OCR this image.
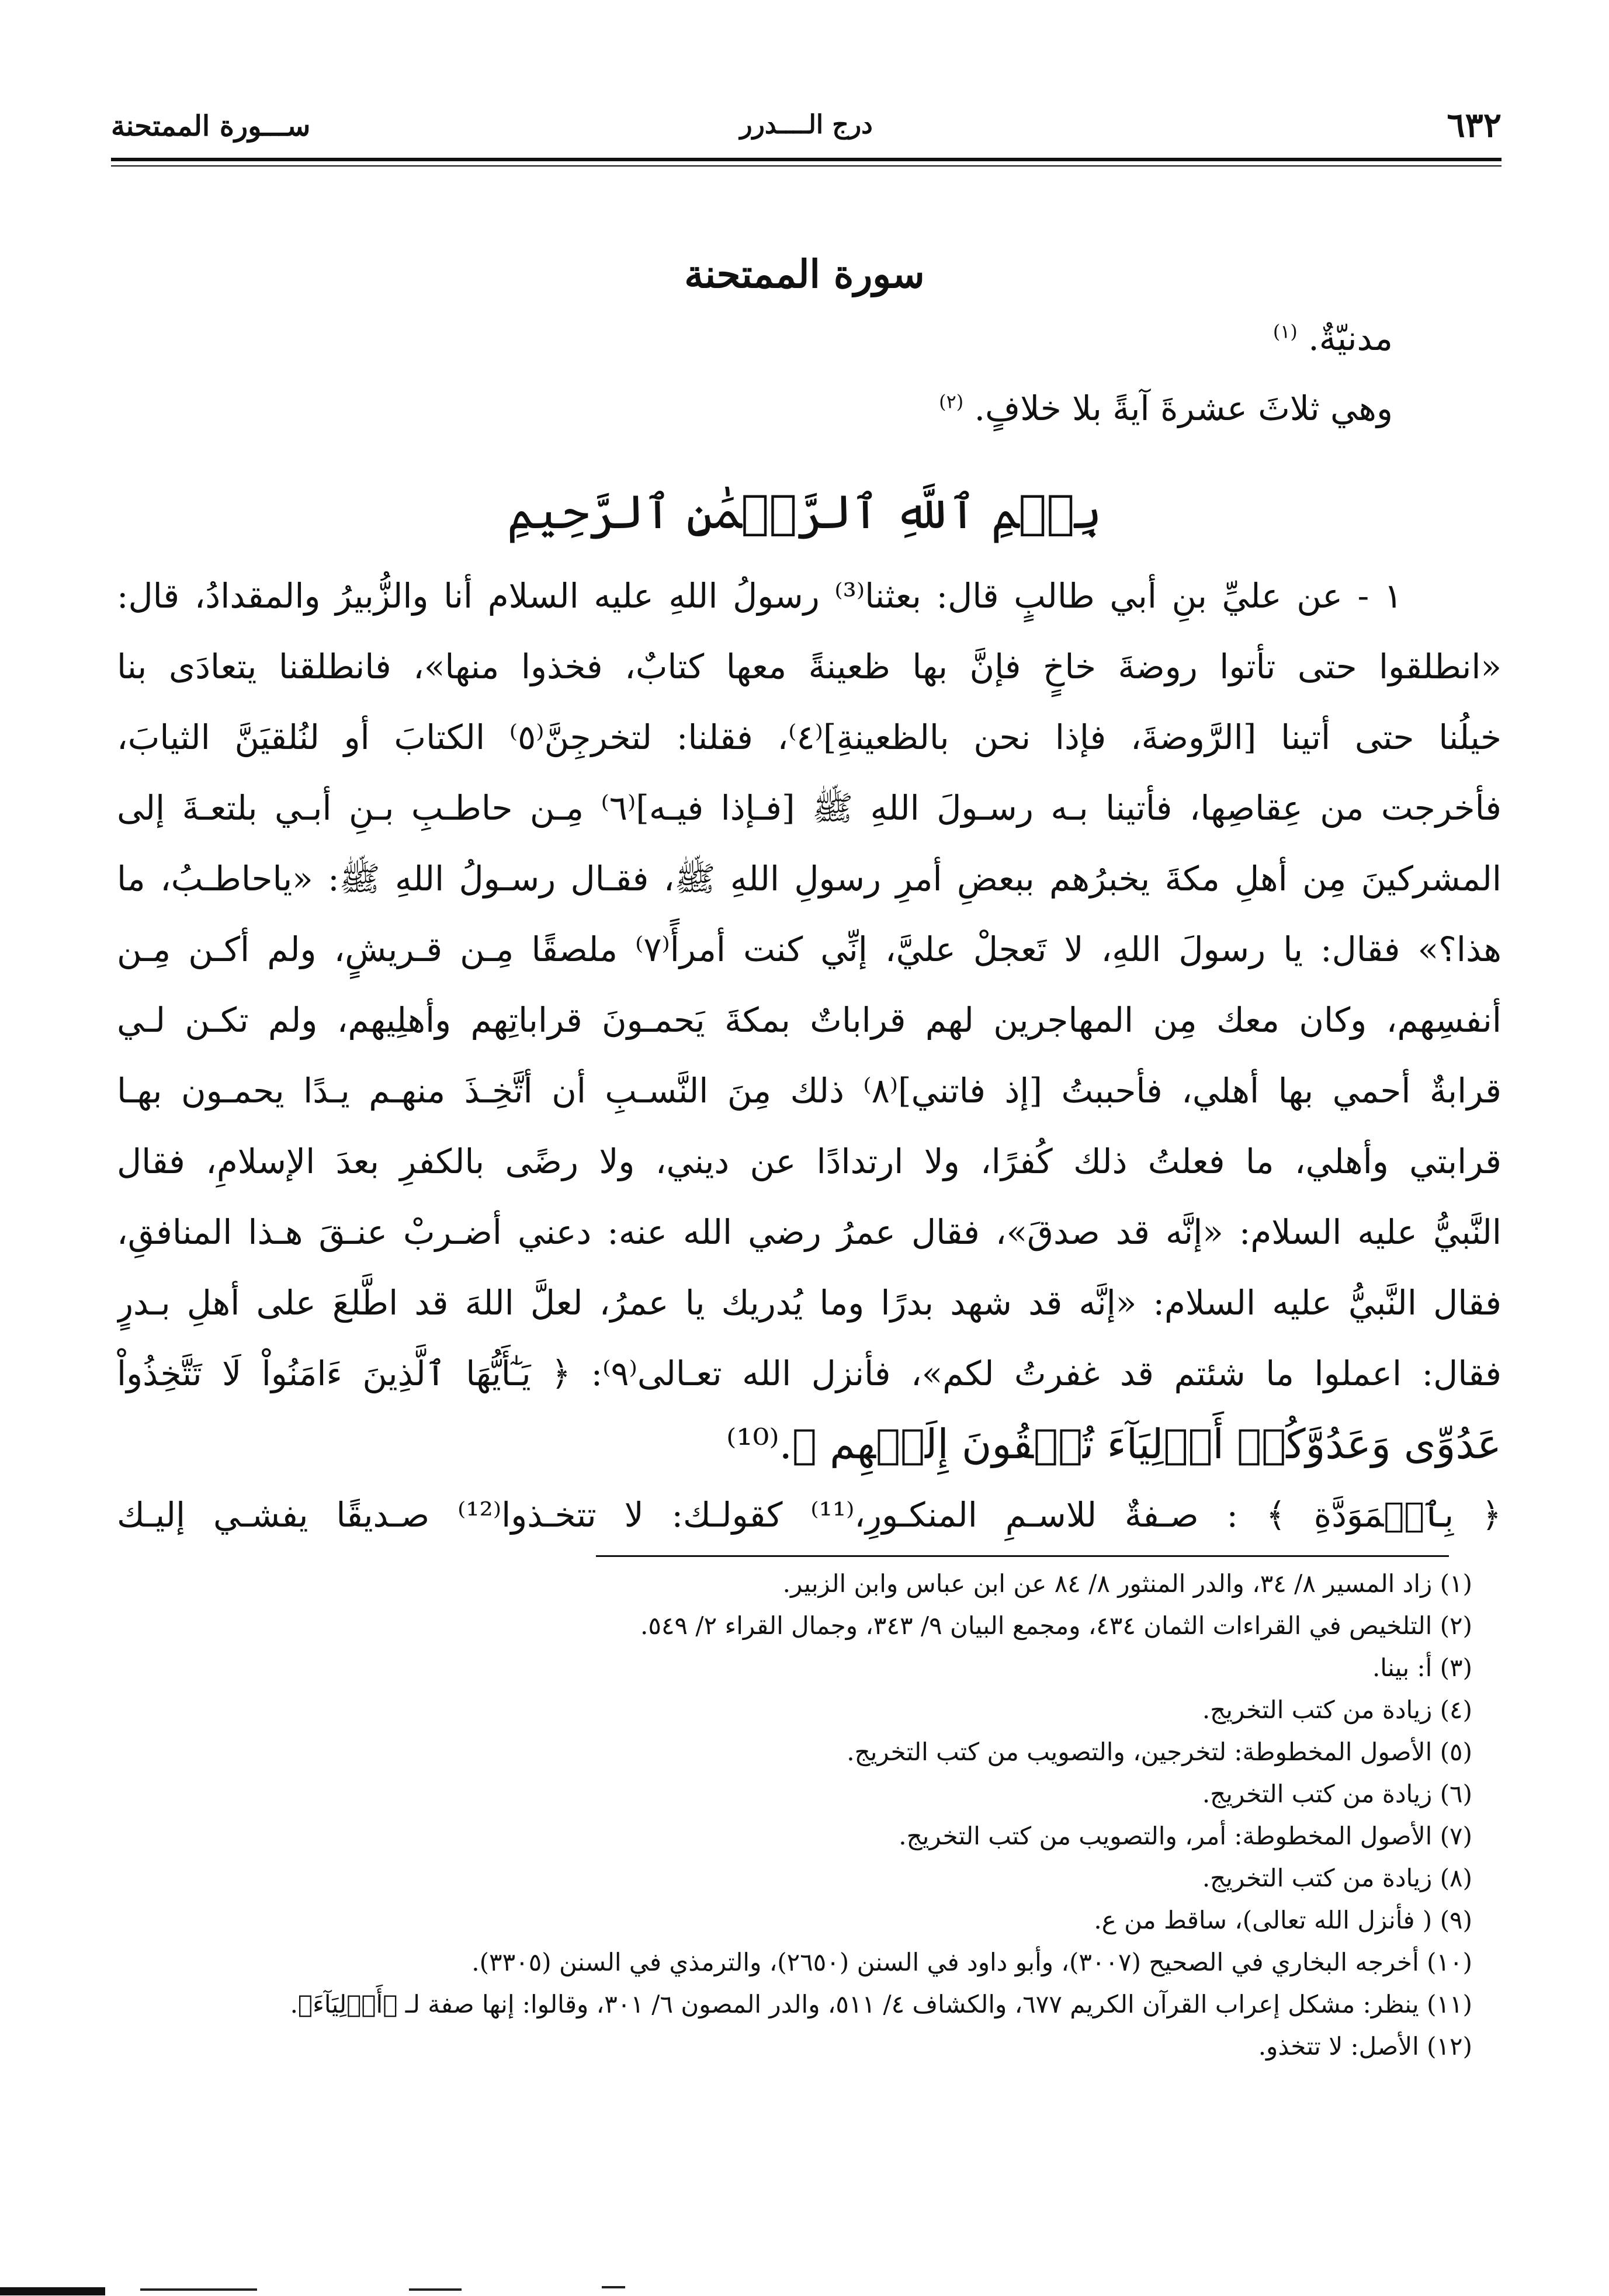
ســـورة الممتحنة	درج الــــدرر	٦٣٢
سورة الممتحنة
مدنيّةٌ. $^{(١)}$
وهي ثلاثَ عشرةَ آيةً بلا خلافٍ. $^{(٢)}$
بِسۡمِ ٱللَّهِ ٱلرَّحۡمَٰنِ ٱلرَّحِيمِ
١ - عن عليِّ بنِ أبي طالبٍ قال: بعثنا⁽³⁾ رسولُ اللهِ عليه السلام أنا والزُّبيرُ والمقدادُ، قال:
«انطلقوا حتى تأتوا روضةَ خاخٍ فإنَّ بها ظعينةً معها كتابٌ، فخذوا منها»، فانطلقنا يتعادَى بنا
خيلُنا حتى أتينا [الرَّوضةَ، فإذا نحن بالظعينةِ]⁽٤⁾، فقلنا: لتخرجِنَّ⁽٥⁾ الكتابَ أو لنُلقيَنَّ الثيابَ،
فأخرجت من عِقاصِها، فأتينا بـه رسـولَ اللهِ ﷺ [فـإذا فيـه]⁽٦⁾ مِـن حاطـبِ بـنِ أبـي بلتعـةَ إلى
المشركينَ مِن أهلِ مكةَ يخبرُهم ببعضِ أمرِ رسولِ اللهِ ﷺ، فقـال رسـولُ اللهِ ﷺ: «ياحاطـبُ، ما
هذا؟» فقال: يا رسولَ اللهِ، لا تَعجلْ عليَّ، إنِّي كنت أمرأً⁽٧⁾ ملصقًا مِـن قـريشٍ، ولم أكـن مِـن
أنفسِهم، وكان معك مِن المهاجرين لهم قراباتٌ بمكةَ يَحمـونَ قراباتِهم وأهلِيهم، ولم تكـن لـي
قرابةٌ أحمي بها أهلي، فأحببتُ [إذ فاتني]⁽٨⁾ ذلك مِنَ النَّسـبِ أن أتَّخِـذَ منهـم يـدًا يحمـون بهـا
قرابتي وأهلي، ما فعلتُ ذلك كُفرًا، ولا ارتدادًا عن ديني، ولا رضًى بالكفرِ بعدَ الإسلامِ، فقال
النَّبيُّ عليه السلام: «إنَّه قد صدقَ»، فقال عمرُ رضي الله عنه: دعني أضـربْ عنـقَ هـذا المنافقِ،
فقال النَّبيُّ عليه السلام: «إنَّه قد شهد بدرًا وما يُدريك يا عمرُ، لعلَّ اللهَ قد اطَّلعَ على أهلِ بـدرٍ
فقال: اعملوا ما شئتم قد غفرتُ لكم»، فأنزل الله تعـالى⁽٩⁾: ﴿ يَـٰٓأَيُّهَا ٱلَّذِينَ ءَامَنُواْ لَا تَتَّخِذُواْ
عَدُوِّى وَعَدُوَّكُمۡ أَوۡلِيَآءَ تُلۡقُونَ إِلَيۡهِم ﴾.⁽¹⁰⁾
﴿ بِٱلۡمَوَدَّةِ ﴾ : صـفةٌ للاسـمِ المنكـورِ،⁽¹¹⁾ كقولـك: لا تتخـذوا⁽¹²⁾ صـديقًا يفشـي إليـك
(١) زاد المسير ٨/ ٣٤، والدر المنثور ٨/ ٨٤ عن ابن عباس وابن الزبير.
(٢) التلخيص في القراءات الثمان ٤٣٤، ومجمع البيان ٩/ ٣٤٣، وجمال القراء ٢/ ٥٤٩.
(٣) أ: بينا.
(٤) زيادة من كتب التخريج.
(٥) الأصول المخطوطة: لتخرجين، والتصويب من كتب التخريج.
(٦) زيادة من كتب التخريج.
(٧) الأصول المخطوطة: أمر، والتصويب من كتب التخريج.
(٨) زيادة من كتب التخريج.
(٩) ( فأنزل الله تعالى)، ساقط من ع.
(١٠) أخرجه البخاري في الصحيح (٣٠٠٧)، وأبو داود في السنن (٢٦٥٠)، والترمذي في السنن (٣٣٠٥).
(١١) ينظر: مشكل إعراب القرآن الكريم ٦٧٧، والكشاف ٤/ ٥١١، والدر المصون ٦/ ٣٠١، وقالوا: إنها صفة لـ ﴿أَوۡلِيَآءَ﴾.
(١٢) الأصل: لا تتخذو.
